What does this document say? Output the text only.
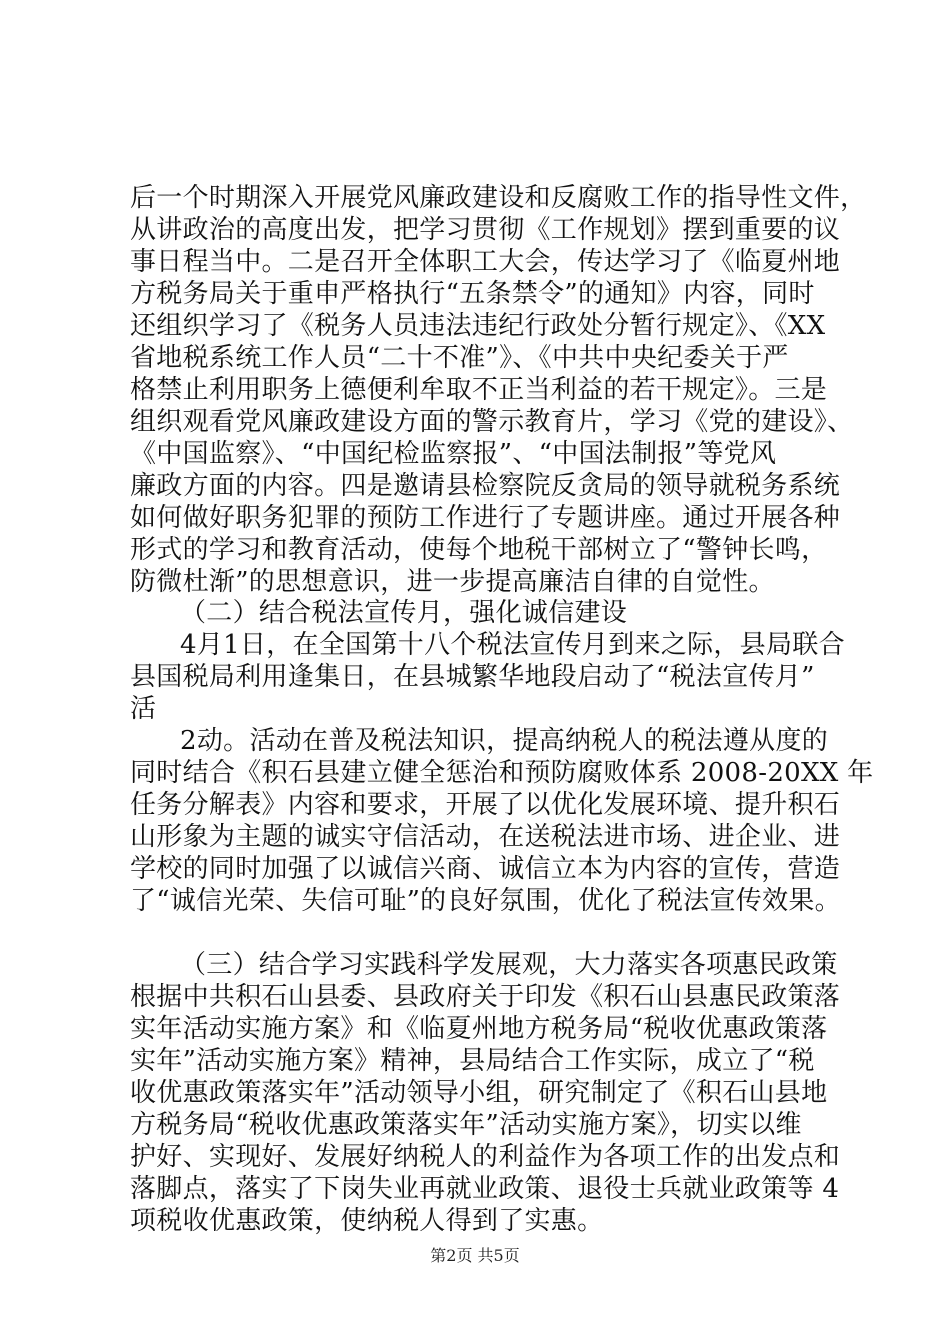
后一个时期深入开展党风廉政建设和反腐败工作的指导性文件，
从讲政治的高度出发，把学习贯彻《工作规划》摆到重要的议
事日程当中。二是召开全体职工大会，传达学习了《临夏州地
方税务局关于重申严格执行“五条禁令”的通知》内容，同时
还组织学习了《税务人员违法违纪行政处分暂行规定》、《XX
省地税系统工作人员“二十不准”》、《中共中央纪委关于严
格禁止利用职务上德便利牟取不正当利益的若干规定》。三是
组织观看党风廉政建设方面的警示教育片，学习《党的建设》、
《中国监察》、“中国纪检监察报”、“中国法制报”等党风
廉政方面的内容。四是邀请县检察院反贪局的领导就税务系统
如何做好职务犯罪的预防工作进行了专题讲座。通过开展各种
形式的学习和教育活动，使每个地税干部树立了“警钟长鸣，
防微杜渐”的思想意识，进一步提高廉洁自律的自觉性。
（二）结合税法宣传月，强化诚信建设
4月1日，在全国第十八个税法宣传月到来之际，县局联合
县国税局利用逢集日，在县城繁华地段启动了“税法宣传月”
活
2动。活动在普及税法知识，提高纳税人的税法遵从度的
同时结合《积石县建立健全惩治和预防腐败体系 2008-20XX 年
任务分解表》内容和要求，开展了以优化发展环境、提升积石
山形象为主题的诚实守信活动，在送税法进市场、进企业、进
学校的同时加强了以诚信兴商、诚信立本为内容的宣传，营造
了“诚信光荣、失信可耻”的良好氛围，优化了税法宣传效果。
（三）结合学习实践科学发展观，大力落实各项惠民政策
根据中共积石山县委、县政府关于印发《积石山县惠民政策落
实年活动实施方案》和《临夏州地方税务局“税收优惠政策落
实年”活动实施方案》精神，县局结合工作实际，成立了“税
收优惠政策落实年”活动领导小组，研究制定了《积石山县地
方税务局“税收优惠政策落实年”活动实施方案》，切实以维
护好、实现好、发展好纳税人的利益作为各项工作的出发点和
落脚点，落实了下岗失业再就业政策、退役士兵就业政策等 4
项税收优惠政策，使纳税人得到了实惠。
第2页 共5页
